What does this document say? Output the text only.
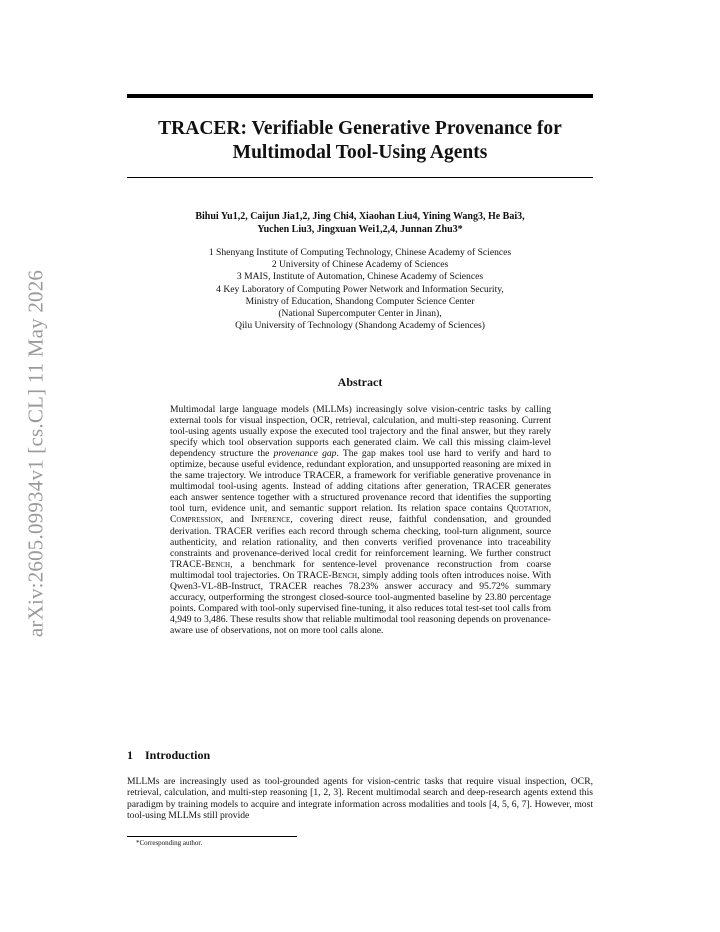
arXiv:2605.09934v1 [cs.CL] 11 May 2026
TRACER: Verifiable Generative Provenance for
Multimodal Tool-Using Agents
Bihui Yu1,2, Caijun Jia1,2, Jing Chi4, Xiaohan Liu4, Yining Wang3, He Bai3,
Yuchen Liu3, Jingxuan Wei1,2,4, Junnan Zhu3*
1 Shenyang Institute of Computing Technology, Chinese Academy of Sciences
2 University of Chinese Academy of Sciences
3 MAIS, Institute of Automation, Chinese Academy of Sciences
4 Key Laboratory of Computing Power Network and Information Security,
Ministry of Education, Shandong Computer Science Center
(National Supercomputer Center in Jinan),
Qilu University of Technology (Shandong Academy of Sciences)
Abstract
Multimodal large language models (MLLMs) increasingly solve vision-centric tasks by calling external tools for visual inspection, OCR, retrieval, calculation, and multi-step reasoning. Current tool-using agents usually expose the executed tool trajectory and the final answer, but they rarely specify which tool observation supports each generated claim. We call this missing claim-level dependency structure the provenance gap. The gap makes tool use hard to verify and hard to optimize, because useful evidence, redundant exploration, and unsupported reasoning are mixed in the same trajectory. We introduce TRACER, a framework for verifiable generative provenance in multimodal tool-using agents. Instead of adding citations after generation, TRACER generates each answer sentence together with a structured provenance record that identifies the supporting tool turn, evidence unit, and semantic support relation. Its relation space contains Quotation, Compression, and Inference, covering direct reuse, faithful condensation, and grounded derivation. TRACER verifies each record through schema checking, tool-turn alignment, source authenticity, and relation rationality, and then converts verified provenance into traceability constraints and provenance-derived local credit for reinforcement learning. We further construct TRACE-Bench, a benchmark for sentence-level provenance reconstruction from coarse multimodal tool trajectories. On TRACE-Bench, simply adding tools often introduces noise. With Qwen3-VL-8B-Instruct, TRACER reaches 78.23% answer accuracy and 95.72% summary accuracy, outperforming the strongest closed-source tool-augmented baseline by 23.80 percentage points. Compared with tool-only supervised fine-tuning, it also reduces total test-set tool calls from 4,949 to 3,486. These results show that reliable multimodal tool reasoning depends on provenance-aware use of observations, not on more tool calls alone.
1 Introduction
MLLMs are increasingly used as tool-grounded agents for vision-centric tasks that require visual inspection, OCR, retrieval, calculation, and multi-step reasoning [1, 2, 3]. Recent multimodal search and deep-research agents extend this paradigm by training models to acquire and integrate information across modalities and tools [4, 5, 6, 7]. However, most tool-using MLLMs still provide
*Corresponding author.
